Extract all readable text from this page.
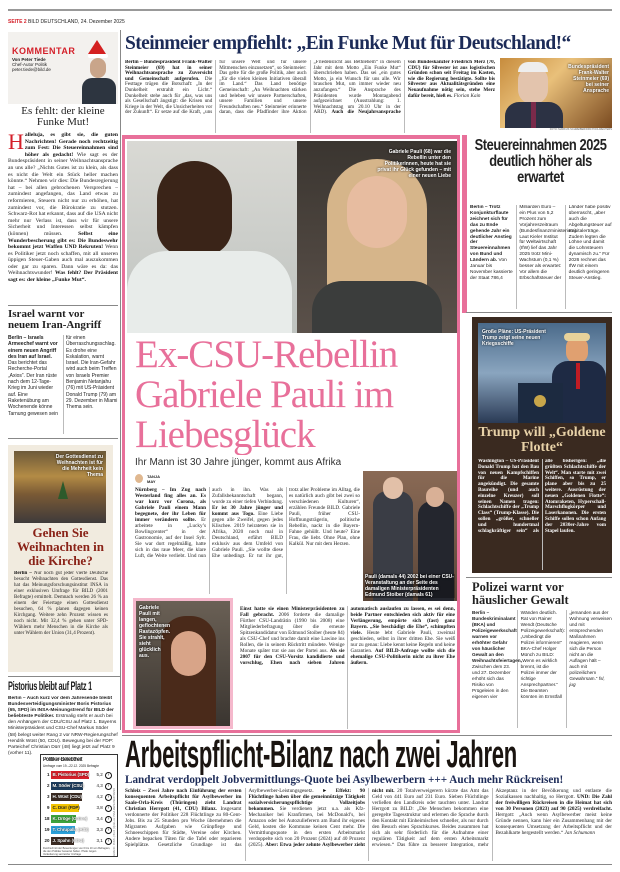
SEITE 2 BILD DEUTSCHLAND, 24. Dezember 2025
KOMMENTAR
Von Peter Tiede
Chef-Autor Politik
peter.tiede@bild.de
Es fehlt: der kleine Funke Mut!
Halleluja, es gibt sie, die guten Nachrichten! Gerade noch rechtzeitig zum Fest: Die Steuereinnahmen sind höher als gedacht! Wie sagt es der Bundespräsident in seiner Weihnachtsansprache an uns alle? „Nichts Gutes ist zu klein, als dass es nicht die Welt ein Stück heller machen könnte.“ Nehmen wir dies: Die Bundesregierung hat – bei allen gebrochenen Versprechen – zumindest angefangen, das Land etwas zu reformieren, Steuern nicht nur zu erhöhen, hat zumindest vor, die Bürokratie zu stutzen. Schwarz-Rot hat erkannt, dass auf die USA nicht mehr nur Verlass ist, dass wir für unsere Sicherheit und Interessen selbst kämpfen (können) müssen.	Selbst eine Wunderbescherung gibt es: Die Bundeswehr bekommt jetzt Waffen UND Rekruten! Wenn es Politiker jetzt noch schaffen, mit all unseren üppigen Steuer-Gaben auch mal auszukommen oder gar zu sparen. Dann wäre es da: das Weihnachtswunder! Was fehlt? Der Präsident sagt es: der kleine „Funke Mut“.
Israel warnt vor neuem Iran-Angriff
Berlin – Israels Armeechef warnt vor einem neuen Angriff des Iran auf Israel. Das berichtet das Recherche-Portal „Axios“. Der Iran rüste nach dem 12-Tage-Krieg im Juni wieder auf. Eine Raketenübung am Wochenende könne Tarnung gewesen sein für einen Überraschungsschlag. Es drohe eine Eskalation, warnt Israel. Die Iran-Gefahr wird auch beim Treffen von Israels Premier Benjamin Netanjahu (76) mit US-Präsident Donald Trump (79) am 29. Dezember in Miami Thema sein.
Der Gottesdienst zu Weihnachten ist für die Mehrheit kein Thema
Gehen Sie Weihnachten in die Kirche?
Berlin – Nur noch gut jeder vierte Deutsche besucht Weihnachten den Gottesdienst. Das hat das Meinungsforschungsinstitut INSA in einer exklusiven Umfrage für BILD (2001 Befragte) ermittelt. Demnach werden 26 % an einem der Feiertage einen Gottesdienst besuchen, 64 % planen dagegen keinen Kirchgang. Weitere zehn Prozent wissen es noch nicht. Mit 32,4 % gehen unter SPD-Wählern mehr Menschen in die Kirche als unter Wählern der Union (31,4 Prozent).
Pistorius bleibt auf Platz 1
Politiker-Beliebtheit
Umfrage vom 19.–22.12. 2025 Befragte
1 B. Pistorius (SPD)	5,2 ›
2 M. Söder (CSU)	4,3 ›
3 H. Wüst (CDU)	4,2 ›
9 C. Dürr (FDP)	3,8 ›
18 K. Dröge (Grüne)	3,4 ›
19 T. Chrupalla (AfD)	3,3 ›
20 J. Spahn (CDU)	3,1 ›
Durchschnitt der Bewertungen von 0 bis 10 von Befragten, die den Politiker bewertet haben. Pfeile zeigen Veränderung seit letzter Umfrage	GRAFIK: PFAHL | BILD | QUELLE: INSA MEINUNGSTREND
Berlin – Auch kurz vor dem Jahresende bleibt Bundesverteidigungsminister Boris Pistorius (65, SPD) im INSA-Meinungstrend für BILD der beliebteste Politiker. Erstmalig steht er auch bei den Anhängern der CDU/CSU auf Platz 1. Bayerns Ministerpräsident und CSU-Chef Markus Söder (58) belegt weiter Rang 2 vor NRW-Regierungschef Hendrik Wüst (50, CDU). Bewegung bei der FDP: Parteichef Christian Dürr (48) liegt jetzt auf Platz 9 (vorher 11).
Steinmeier empfiehlt: „Ein Funke Mut für Deutschland!“
Berlin – Bundespräsident Frank-Walter Steinmeier (69) hat in seiner Weihnachtsansprache zu Zuversicht und Gemeinschaft aufgerufen. Die Festtage trügen die Botschaft: „In der Dunkelheit erstrahlt ein Licht.“ Dunkelheit stehe auch für „das, was uns als Gesellschaft ängstigt: die Krisen und Kriege in der Welt, die Unsicherheiten vor der Zukunft“. Er setze auf die Kraft, „uns für unsere Welt und für unsere Mitmenschen einzusetzen“, so Steinmeier: Das gelte für die große Politik, aber auch „für die vielen kleinen Initiativen überall im Land.“ Das Land benötige Gemeinschaft: „An Weihnachten stärken und beleben wir unsere Partnerschaften, unsere Familien und unsere Freundschaften neu.“ Steinmeier erinnerte daran, dass die Pfadfinder ihre Aktion „Friedenslicht aus Bethlehem“ in diesem Jahr mit dem Motto „Ein Funke Mut“ überschrieben haben. Das sei „ein gutes Motto, ja ein Wunsch für uns alle. Wir brauchen Mut, um immer wieder neu anzufangen.“ Die Ansprache des Präsidenten wurde Montagabend aufgezeichnet (Ausstrahlung: 1. Weihnachtstag um 20.10 Uhr in der ARD). Auch die Neujahrsansprache von Bundeskanzler Friedrich Merz (70, CDU) für Silvester ist aus logistischen Gründen schon seit Freitag im Kasten, wie die Regierung bestätigte. Sollte bis Silvester aus Aktualitätsgründen eine Neuaufnahme nötig sein, stehe Merz dafür bereit, hieß es. Florian Kain
Bundespräsident Frank-Walter Steinmeier (69) bei seiner Ansprache
FOTO: MARKUS SCHREIBER/DPA POOL/REUTERS
Gabriele Pauli (68) war die Rebellin unter den Politikerinnen, heute hat sie privat ihr Glück gefunden – mit einer neuen Liebe
Ex-CSU-Rebellin
Gabriele Pauli im
Liebesglück
Ihr Mann ist 30 Jahre jünger, kommt aus Afrika
TANJA MAY
Nürnberg – Im Zug nach Westerland fing alles an. Es war kurz vor Corona, als Gabriele Pauli einem Mann begegnete, der ihr Leben für immer verändern sollte. Er arbeitete in „Lucky’s Bowlingcenter“ in der Gastronomie, auf der Insel Sylt. Sie war dort regelmäßig, hatte sich in das raue Meer, die klare Luft, die Weite verliebt. Und nun auch in ihn. Was als Zufallsbekanntschaft begann, wurde zu einer tiefen Verbindung. Er ist 30 Jahre jünger und kommt aus Togo. Eine Liebe gegen alle Zweifel, gegen jedes Klischee. 2019 heirateten sie in Afrika, 2020 noch mal in Deutschland, erfährt BILD exklusiv aus dem Umfeld von Gabriele Pauli. „Sie wollte diese Ehe unbedingt. Er tut ihr gut, trotz aller Probleme im Alltag, die es natürlich auch gibt bei zwei so verschiedenen Kulturen“, erzählen Freunde BILD. Gabriele Pauli, früher CSU-Hoffnungsträgerin, politische Rebellin, nackt in die Bayern-Fahne gehüllt. Und heute? Eine Frau, die liebt. Ohne Plan, ohne Kalkül. Nur mit dem Herzen.
Einst hatte sie einen Ministerpräsidenten zu Fall gebracht. 2006 forderte die damalige Fürther CSU-Landrätin (1990 bis 2008) eine Mitgliederbefragung über die erneute Spitzenkandidatur von Edmund Stoiber (heute 84) als CSU-Chef und brachte damit eine Lawine ins Rollen, die in seinem Rücktritt mündete. Wenige Monate später trat sie aus der Partei aus. Als sie 2007 für den CSU-Vorsitz kandidierte und vorschlug, Ehen nach sieben Jahren automatisch auslaufen zu lassen, es sei denn, beide Partner entschieden sich aktiv für eine Verlängerung, empörte sich (fast) ganz Bayern. „Sie beschädigt die Ehe“, schimpften viele. Heute lebt Gabriele Pauli, zweimal geschieden, selbst in ihrer dritten Ehe. Sie weiß nur zu genau: Liebe kennt keine Regeln und keine Garantien. Auf BILD-Anfrage wollte sich die ehemalige CSU-Politikerin nicht zu ihrer Ehe äußern.
Gabriele Pauli mit langen, geflochtenen Rastazöpfen. Sie strahlt, sieht glücklich aus.
Pauli (damals 44) 2002 bei einer CSU-Veranstaltung an der Seite des damaligen Ministerpräsidenten Edmund Stoiber (damals 61)
Steuereinnahmen 2025 deutlich höher als erwartet
Berlin – Trotz Konjunkturflaute zeichnet sich für das zu Ende gehende Jahr ein deutlicher Anstieg der Steuereinnahmen von Bund und Ländern ab. Von Januar bis November kassierte der Staat 786,4 Milliarden Euro – ein Plus von 5,2 Prozent zum Vorjahreszeitraum (Bundesfinanzministerium). Laut Kieler Institut für Weltwirtschaft (IfW) lief das Jahr 2025 trotz Mini-Wachstum (0,1 %) besser als erwartet: Vor allem die Erbschaftsteuer der Länder habe positiv überrascht, „aber auch die Abgeltungsteuer auf Kapitalerträge. Zudem legten die Löhne und damit die Lohnsteuern dynamisch zu.“ Für 2026 rechnet das IfW mit einem deutlich geringeren Steuer-Anstieg.
Große Pläne: US-Präsident Trump zeigt seine neuen Kriegsschiffe
Trump will „Goldene Flotte“
Washington – US-Präsident Donald Trump hat den Bau von neuen Kampfschiffen für die Marine angekündigt. Die gesamte Baureihe (und auch einzelne Kreuzer) soll seinen Namen tragen: Schlachtschiffe der „Trump Class“ (Trump-Klasse). Die sollen „größer, schneller und hundertmal schlagkräftiger sein“ als alle bisherigen: „die größten Schlachtschiffe der Welt“. Man starte mit zwei Schiffen, so Trump, er plane aber bis zu 25 weitere. Ausrüstung der neuen „Goldenen Flotte“: Atomraketen, Hyperschall-Marschflugkörper und Laserkanonen. Die ersten Schiffe sollen schon Anfang der 2030er-Jahre vom Stapel laufen.
Polizei warnt vor häuslicher Gewalt
Berlin – Bundeskriminalamt (BKA) und Polizeigewerkschaft warnen vor erhöhter Gefahr von häuslicher Gewalt an den Weihnachtsfeiertagen. Zwischen dem 23. und 27. Dezember erhöht sich das Risiko von Prügeleien in den eigenen vier Wänden deutlich. Rat von Rainer Wendt (Deutsche Polizeigewerkschaft): „Unbedingt die Polizei informieren!“ BKA-Chef Holger Münch zu BILD: „Wenn es wirklich brennt, ist die Polizei immer der richtige Ansprechpartner.“ Die Beamten könnten im Ernstfall „jemanden aus der Wohnung verweisen und mit entsprechenden Maßnahmen reagieren, wenn sich die Person nicht an die Auflagen hält – auch mit polizeilichem Gewahrsam.“ fsl, jug
Arbeitspflicht-Bilanz nach zwei Jahren
Landrat verdoppelt Jobvermittlungs-Quote bei Asylbewerbern +++ Auch mehr Rückreisen!
Schleiz – Zwei Jahre nach Einführung der ersten konsequenten Arbeitspflicht für Asylbewerber im Saale-Orla-Kreis (Thüringen) zieht Landrat Christian Herrgott (41, CDU) Bilanz. Insgesamt verdonnerte der Politiker 228 Flüchtlinge zu 80-Cent-Jobs. Bis zu 25 Stunden pro Woche übernehmen die Migranten Aufgaben wie Grünpflege und Schneeschippen für Städte, Vereine oder Kirchen. Andere bepacken Tüten für die Tafel oder reparieren Spielplätze. Gesetzliche Grundlage ist das Asylbewerber-Leistungsgesetz. ► Effekt: 90 Flüchtlinge haben über die gemeinnützige Tätigkeit sozialversicherungspflichtige Vollzeitjobs bekommen. Sie verdienen jetzt u.a. als Kfz-Mechaniker bei Kranfirmen, bei McDonald’s, bei Amazon oder bei Autozulieferern am Band ihr eigenes Geld, kosten die Kommune keinen Cent mehr. Die Vermittlungsquote in den ersten Arbeitsmarkt verdoppelte sich von 20 Prozent (2024) auf 40 Prozent (2025). Aber: Etwa jeder zehnte Asylbewerber zieht nicht mit. 20 Totalverweigerern kürzte das Amt das Geld von 441 Euro auf 231 Euro. Sieben Flüchtlinge verließen den Landkreis oder tauchten unter. Landrat Herrgott zu BILD: „Die Menschen bekommen eine geregelte Tagesstruktur und erlernen die Sprache durch den Kontakt mit Einheimischen schneller, als nur durch den Besuch eines Sprachkurses. Beides zusammen hat sich als sehr förderlich für die Aufnahme einer regulären Tätigkeit auf dem ersten Arbeitsmarkt erwiesen.“ Das führe zu besserer Integration, mehr Akzeptanz in der Bevölkerung und entlaste die Sozialkassen nachhaltig, so Herrgott. UND: Die Zahl der freiwilligen Rückreisen in die Heimat hat sich von 30 Personen (2023) auf 90 (2025) verdreifacht. Herrgott: „Auch wenn Asylbewerber meist keine Gründe nennen, kann hier ein Zusammenhang mit der konsequenten Umsetzung der Arbeitspflicht und der Bezahlkarte hergestellt werden.“ Jan Schumann
